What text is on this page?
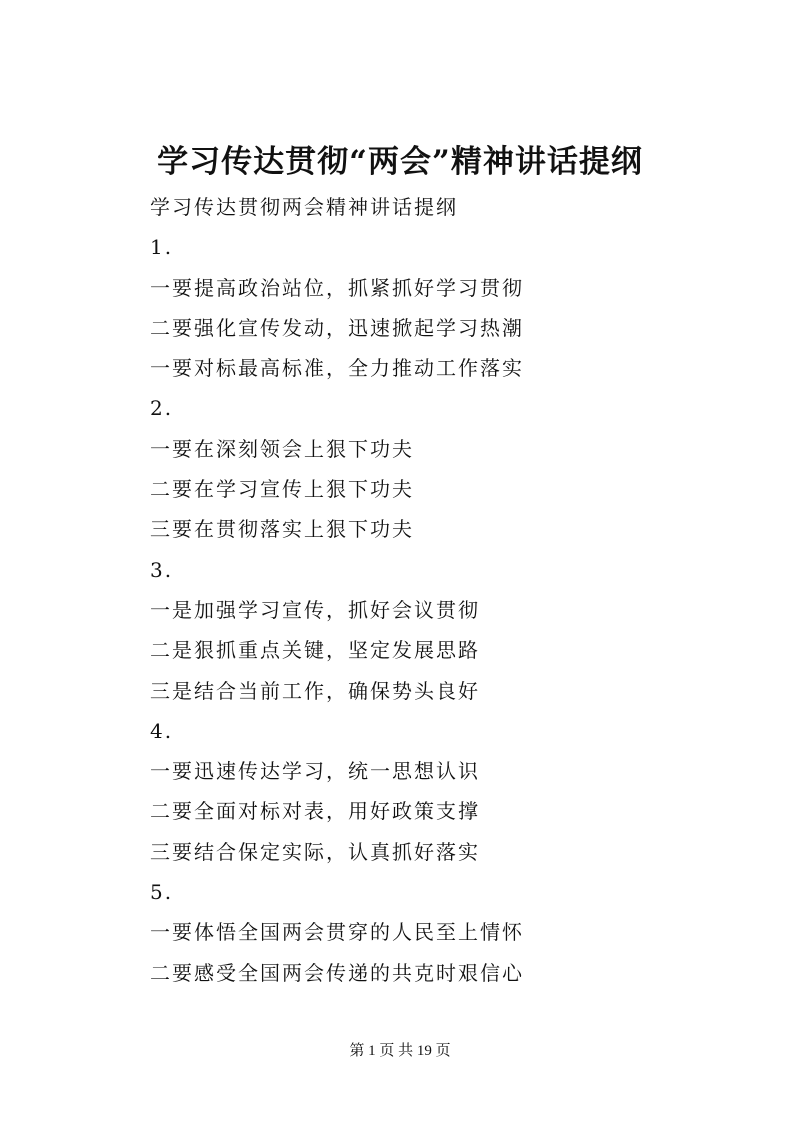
学习传达贯彻“两会”精神讲话提纲
学习传达贯彻两会精神讲话提纲
1.
一要提高政治站位，抓紧抓好学习贯彻
二要强化宣传发动，迅速掀起学习热潮
一要对标最高标准，全力推动工作落实
2.
一要在深刻领会上狠下功夫
二要在学习宣传上狠下功夫
三要在贯彻落实上狠下功夫
3.
一是加强学习宣传，抓好会议贯彻
二是狠抓重点关键，坚定发展思路
三是结合当前工作，确保势头良好
4.
一要迅速传达学习，统一思想认识
二要全面对标对表，用好政策支撑
三要结合保定实际，认真抓好落实
5.
一要体悟全国两会贯穿的人民至上情怀
二要感受全国两会传递的共克时艰信心
第 1 页 共 19 页
